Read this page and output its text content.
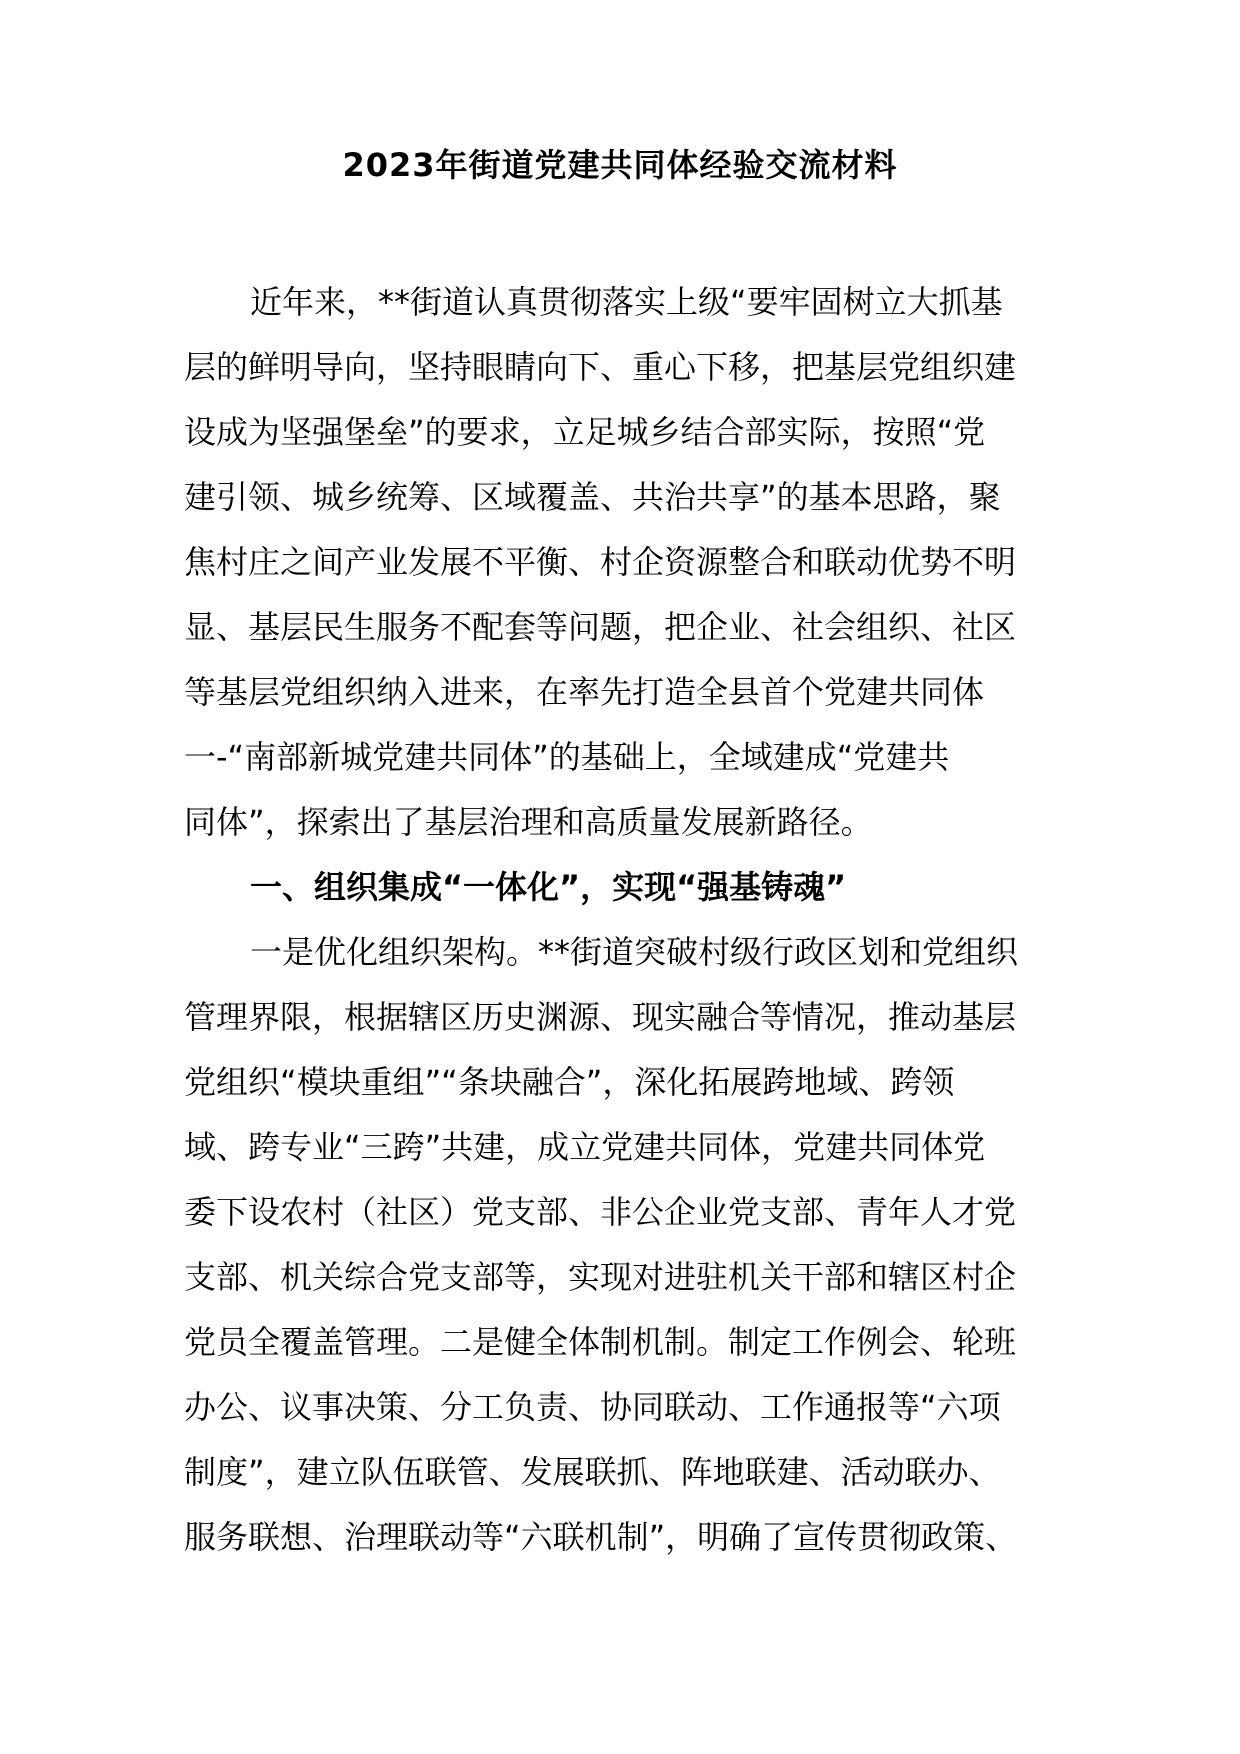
2023年街道党建共同体经验交流材料
近年来，**街道认真贯彻落实上级“要牢固树立大抓基
层的鲜明导向，坚持眼睛向下、重心下移，把基层党组织建
设成为坚强堡垒”的要求，立足城乡结合部实际，按照“党
建引领、城乡统筹、区域覆盖、共治共享”的基本思路，聚
焦村庄之间产业发展不平衡、村企资源整合和联动优势不明
显、基层民生服务不配套等问题，把企业、社会组织、社区
等基层党组织纳入进来，在率先打造全县首个党建共同体
一-“南部新城党建共同体”的基础上，全域建成“党建共
同体”，探索出了基层治理和高质量发展新路径。
一、组织集成“一体化”，实现“强基铸魂”
一是优化组织架构。**街道突破村级行政区划和党组织
管理界限，根据辖区历史渊源、现实融合等情况，推动基层
党组织“模块重组”“条块融合”，深化拓展跨地域、跨领
域、跨专业“三跨”共建，成立党建共同体，党建共同体党
委下设农村（社区）党支部、非公企业党支部、青年人才党
支部、机关综合党支部等，实现对进驻机关干部和辖区村企
党员全覆盖管理。二是健全体制机制。制定工作例会、轮班
办公、议事决策、分工负责、协同联动、工作通报等“六项
制度”，建立队伍联管、发展联抓、阵地联建、活动联办、
服务联想、治理联动等“六联机制”，明确了宣传贯彻政策、
